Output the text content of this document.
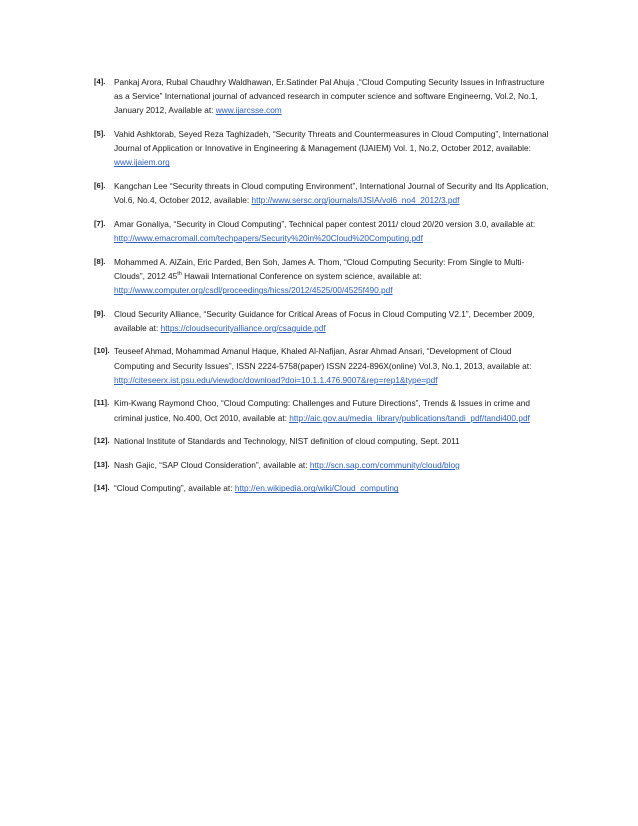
[4]. Pankaj Arora, Rubal Chaudhry Waldhawan, Er.Satinder Pal Ahuja ,“Cloud Computing Security Issues in Infrastructure as a Service” International journal of advanced research in computer science and software Engineerng, Vol.2, No.1, January 2012, Available at: www.ijarcsse.com
[5]. Vahid Ashktorab, Seyed Reza Taghizadeh, “Security Threats and Countermeasures in Cloud Computing”, International Journal of Application or Innovative in Engineering & Management (IJAIEM) Vol. 1, No.2, October 2012, available: www.ijaiem.org
[6]. Kangchan Lee “Security threats in Cloud computing Environment”, International Journal of Security and Its Application, Vol.6, No.4, October 2012, available: http://www.sersc.org/journals/IJSIA/vol6_no4_2012/3.pdf
[7]. Amar Gonaliya, “Security in Cloud Computing”, Technical paper contest 2011/ cloud 20/20 version 3.0, available at: http://www.emacromall.com/techpapers/Security%20in%20Cloud%20Computing.pdf
[8]. Mohammed A. AlZain, Eric Parded, Ben Soh, James A. Thom, “Cloud Computing Security: From Single to Multi-Clouds”, 2012 45th Hawaii International Conference on system science, available at: http://www.computer.org/csdl/proceedings/hicss/2012/4525/00/4525f490.pdf
[9]. Cloud Security Alliance, “Security Guidance for Critical Areas of Focus in Cloud Computing V2.1”, December 2009, available at: https://cloudsecurityalliance.org/csaguide.pdf
[10]. Teuseef Ahmad, Mohammad Amanul Haque, Khaled Al-Nafijan, Asrar Ahmad Ansari, “Development of Cloud Computing and Security Issues”, ISSN 2224-5758(paper) ISSN 2224-896X(online) Vol.3, No.1, 2013, available at: http://citeseerx.ist.psu.edu/viewdoc/download?doi=10.1.1.476.9007&rep=rep1&type=pdf
[11]. Kim-Kwang Raymond Choo, “Cloud Computing: Challenges and Future Directions”, Trends & Issues in crime and criminal justice, No.400, Oct 2010, available at: http://aic.gov.au/media_library/publications/tandi_pdf/tandi400.pdf
[12]. National Institute of Standards and Technology, NIST definition of cloud computing, Sept. 2011
[13]. Nash Gajic, “SAP Cloud Consideration”, available at: http://scn.sap.com/community/cloud/blog
[14]. “Cloud Computing”, available at: http://en.wikipedia.org/wiki/Cloud_computing
